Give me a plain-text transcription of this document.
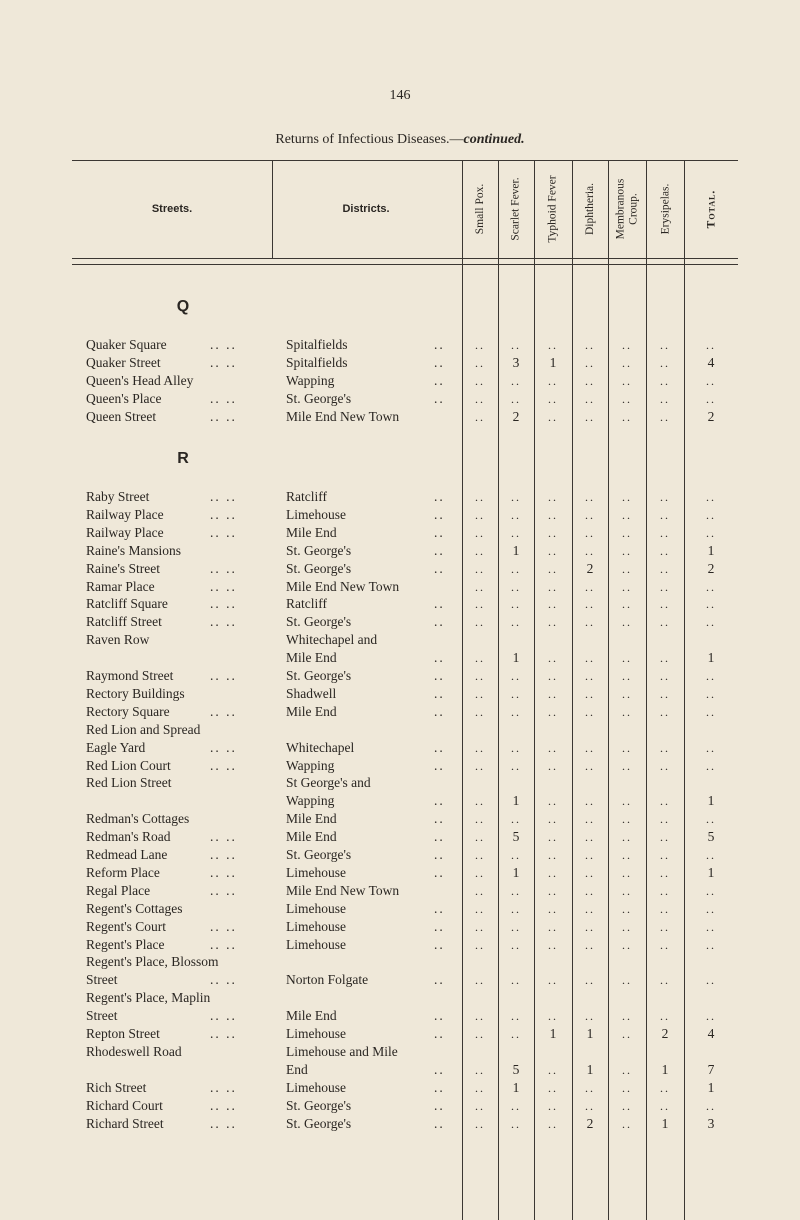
146
Returns of Infectious Diseases.—continued.
Streets.	Districts.	Small Pox. Scarlet Fever. Typhoid Fever Diphtheria. Membranous Croup. Erysipelas.	Total.
Q
Quaker Square	.. ..	Spitalfields	..	..	..	..	..	..	..	..
Quaker Street	.. ..	Spitalfields	..	..	3	1	..	..	..	4
Queen's Head Alley	Wapping	..	..	..	..	..	..	..	..
Queen's Place	.. ..	St. George's	..	..	..	..	..	..	..	..
Queen Street	.. ..	Mile End New Town	..	2	..	..	..	..	2
R
Raby Street	.. ..	Ratcliff	..	..	..	..	..	..	..	..
Railway Place	.. ..	Limehouse	..	..	..	..	..	..	..	..
Railway Place	.. ..	Mile End	..	..	..	..	..	..	..	..
Raine's Mansions	St. George's	..	..	1	..	..	..	..	1
Raine's Street	.. ..	St. George's	..	..	..	..	2	..	..	2
Ramar Place	.. ..	Mile End New Town	..	..	..	..	..	..	..
Ratcliff Square	.. ..	Ratcliff	..	..	..	..	..	..	..	..
Ratcliff Street	.. ..	St. George's	..	..	..	..	..	..	..	..
Raven Row	Whitechapel and
Mile End	..	..	1	..	..	..	..	1
Raymond Street	.. ..	St. George's	..	..	..	..	..	..	..	..
Rectory Buildings	Shadwell	..	..	..	..	..	..	..	..
Rectory Square	.. ..	Mile End	..	..	..	..	..	..	..	..
Red Lion and Spread
Eagle Yard	.. ..	Whitechapel	..	..	..	..	..	..	..	..
Red Lion Court	.. ..	Wapping	..	..	..	..	..	..	..	..
Red Lion Street	St George's and
Wapping	..	..	1	..	..	..	..	1
Redman's Cottages	Mile End	..	..	..	..	..	..	..	..
Redman's Road	.. ..	Mile End	..	..	5	..	..	..	..	5
Redmead Lane	.. ..	St. George's	..	..	..	..	..	..	..	..
Reform Place	.. ..	Limehouse	..	..	1	..	..	..	..	1
Regal Place	.. ..	Mile End New Town	..	..	..	..	..	..	..
Regent's Cottages	Limehouse	..	..	..	..	..	..	..	..
Regent's Court	.. ..	Limehouse	..	..	..	..	..	..	..	..
Regent's Place	.. ..	Limehouse	..	..	..	..	..	..	..	..
Regent's Place, Blossom
Street	.. ..	Norton Folgate	..	..	..	..	..	..	..	..
Regent's Place, Maplin
Street	.. ..	Mile End	..	..	..	..	..	..	..	..
Repton Street	.. ..	Limehouse	..	..	..	1	1	..	2	4
Rhodeswell Road	Limehouse and Mile
End	..	..	5	..	1	..	1	7
Rich Street	.. ..	Limehouse	..	..	1	..	..	..	..	1
Richard Court	.. ..	St. George's	..	..	..	..	..	..	..	..
Richard Street	.. ..	St. George's	..	..	..	..	2	..	1	3
